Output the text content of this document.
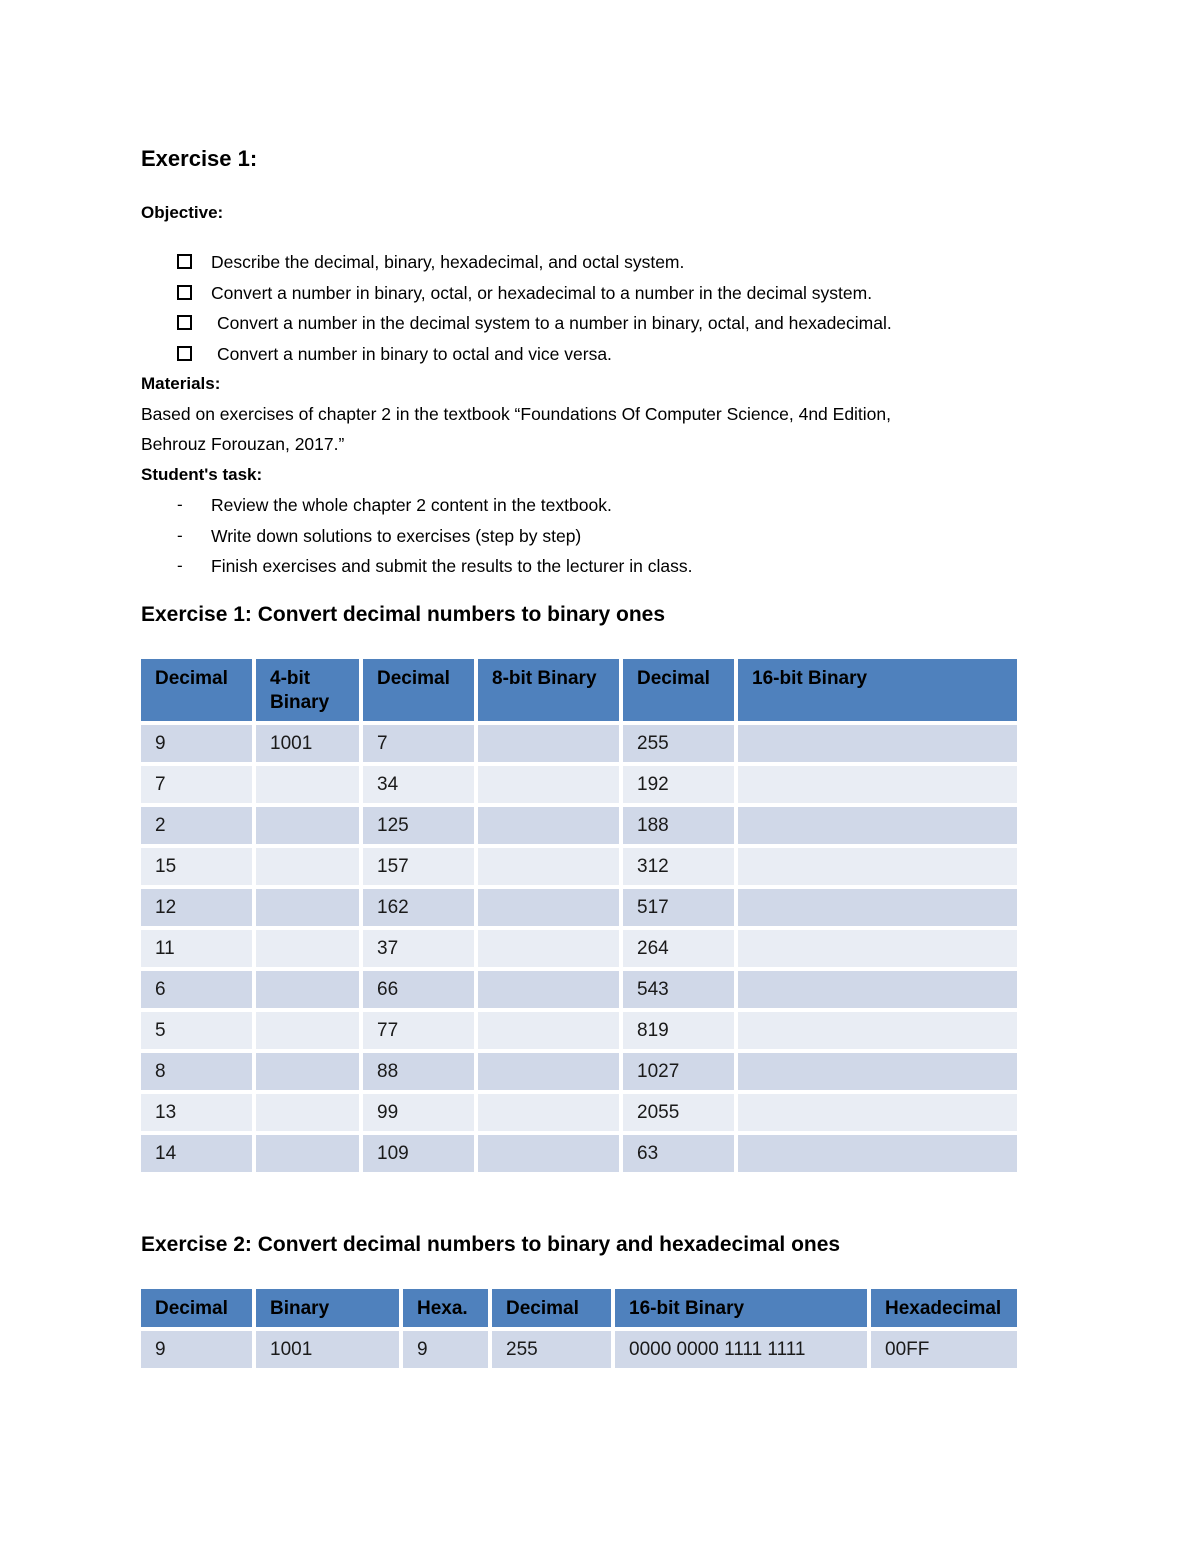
Exercise 1:

Objective:

Describe the decimal, binary, hexadecimal, and octal system.

Convert a number in binary, octal, or hexadecimal to a number in the decimal system.

Convert a number in the decimal system to a number in binary, octal, and hexadecimal.

Convert a number in binary to octal and vice versa.

Materials:

Based on exercises of chapter 2 in the textbook “Foundations Of Computer Science, 4nd Edition,

Behrouz Forouzan, 2017.”

Student's task:

- Review the whole chapter 2 content in the textbook.

- Write down solutions to exercises (step by step)

- Finish exercises and submit the results to the lecturer in class.

Exercise 1: Convert decimal numbers to binary ones
Decimal	4-bit Binary	Decimal	8-bit Binary	Decimal	16-bit Binary
9	1001	7		255	
7		34		192	
2		125		188	
15		157		312	
12		162		517	
11		37		264	
6		66		543	
5		77		819	
8		88		1027	
13		99		2055	
14		109		63	
Exercise 2: Convert decimal numbers to binary and hexadecimal ones
Decimal	Binary	Hexa.	Decimal	16-bit Binary	Hexadecimal
9	1001	9	255	0000 0000 1111 1111	00FF
